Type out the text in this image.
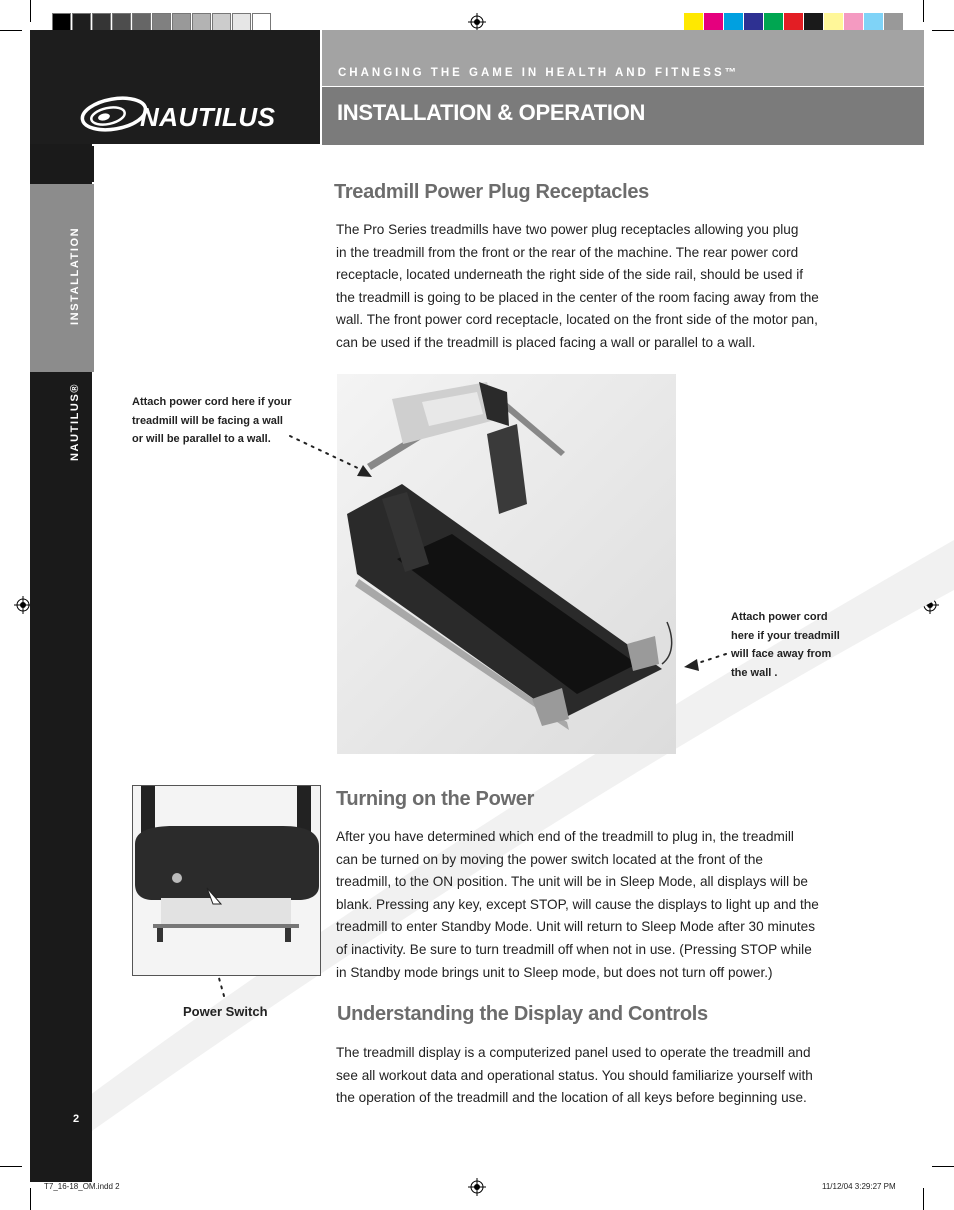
INSTALLATION
NAUTILUS®
2
NAUTILUS
CHANGING THE GAME IN HEALTH AND FITNESS™
INSTALLATION & OPERATION
Treadmill Power Plug Receptacles
The Pro Series treadmills have two power plug receptacles allowing you plug
in the treadmill from the front or the rear of the machine. The rear power cord
receptacle, located underneath the right side of the side rail, should be used if
the treadmill is going to be placed in the center of the room facing away from the
wall. The front power cord receptacle, located on the front side of the motor pan,
can be used if the treadmill is placed facing a wall or parallel to a wall.
Attach power cord here if your
treadmill will be facing a wall
or will be parallel to a wall.
Attach power cord
here if your treadmill
will face away from
the wall .
Power Switch
Turning on the Power
After you have determined which end of the treadmill to plug in, the treadmill
can be turned on by moving the power switch located at the front of the
treadmill, to the ON position. The unit will be in Sleep Mode, all displays will be
blank. Pressing any key, except STOP, will cause the displays to light up and the
treadmill to enter Standby Mode. Unit will return to Sleep Mode after 30 minutes
of inactivity. Be sure to turn treadmill off when not in use. (Pressing STOP while
in Standby mode brings unit to Sleep mode, but does not turn off power.)
Understanding the Display and Controls
The treadmill display is a computerized panel used to operate the treadmill and
see all workout data and operational status. You should familiarize yourself with
the operation of the treadmill and the location of all keys before beginning use.
T7_16-18_OM.indd 2	11/12/04 3:29:27 PM
